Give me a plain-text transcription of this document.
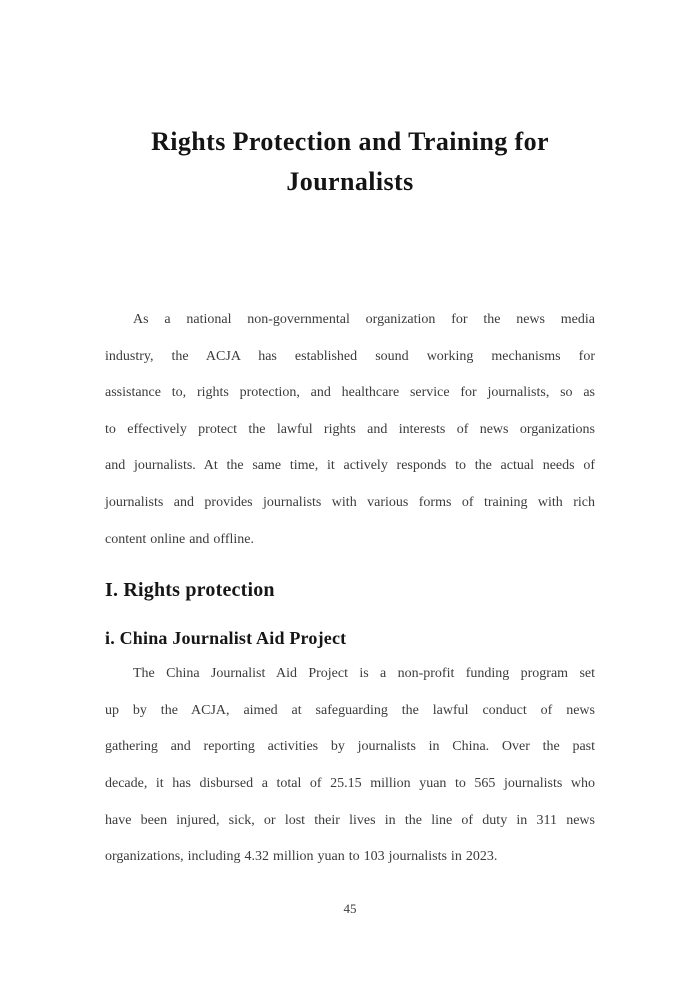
Rights Protection and Training for Journalists
As a national non-governmental organization for the news media
industry, the ACJA has established sound working mechanisms for
assistance to, rights protection, and healthcare service for journalists, so as
to effectively protect the lawful rights and interests of news organizations
and journalists. At the same time, it actively responds to the actual needs of
journalists and provides journalists with various forms of training with rich
content online and offline.
I. Rights protection
i. China Journalist Aid Project
The China Journalist Aid Project is a non-profit funding program set
up by the ACJA, aimed at safeguarding the lawful conduct of news
gathering and reporting activities by journalists in China. Over the past
decade, it has disbursed a total of 25.15 million yuan to 565 journalists who
have been injured, sick, or lost their lives in the line of duty in 311 news
organizations, including 4.32 million yuan to 103 journalists in 2023.
45
